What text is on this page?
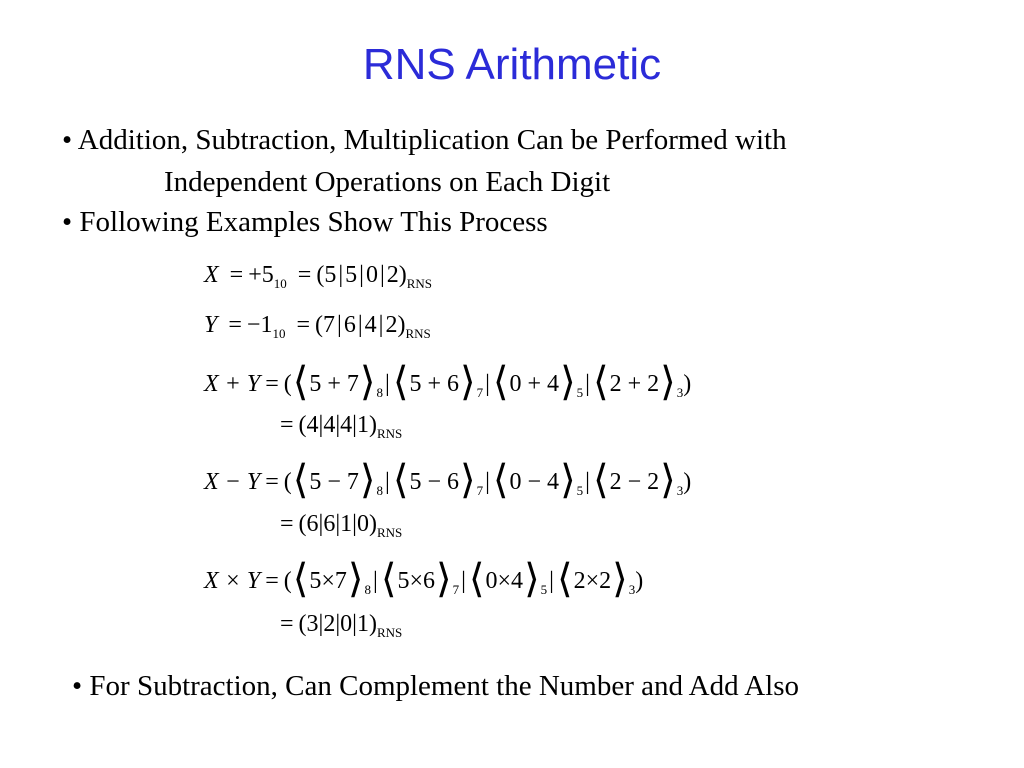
RNS Arithmetic
• Addition, Subtraction, Multiplication Can be Performed with
Independent Operations on Each Digit
• Following Examples Show This Process
$X = +5_{10} = (5|5|0|2)_{RNS}$
$Y = -1_{10} = (7|6|4|2)_{RNS}$
X + Y = (⟨5 + $7⟩_8|⟨5$ + $6⟩_7|⟨0$ + $4⟩_5|⟨2$ + $2⟩_3$)
= $(4|4|4|1)_{RNS}$
X − Y = (⟨5 − $7⟩_8|⟨5$ − $6⟩_7|⟨0$ − $4⟩_5|⟨2$ − $2⟩_3$)
= $(6|6|1|0)_{RNS}$
$X \times Y = (⟨5\times 7⟩_8|⟨5\times 6⟩_7|⟨0\times 4⟩_5|⟨2\times 2⟩_3)$
= $(3|2|0|1)_{RNS}$
• For Subtraction, Can Complement the Number and Add Also
